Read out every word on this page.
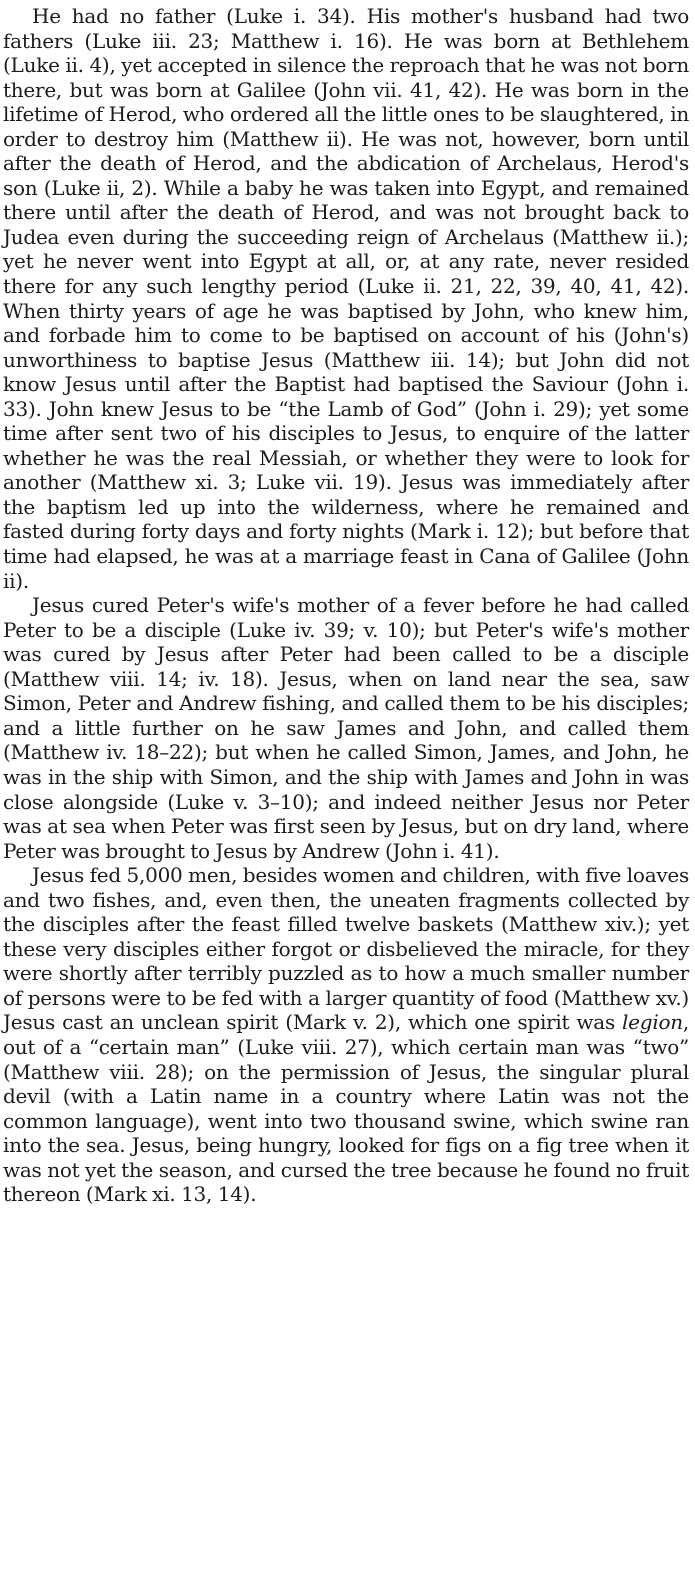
He had no father (Luke i. 34). His mother's husband had two fathers (Luke iii. 23; Matthew i. 16). He was born at Bethlehem (Luke ii. 4), yet accepted in silence the reproach that he was not born there, but was born at Galilee (John vii. 41, 42). He was born in the lifetime of Herod, who ordered all the little ones to be slaughtered, in order to destroy him (Matthew ii). He was not, however, born until after the death of Herod, and the abdication of Archelaus, Herod's son (Luke ii, 2). While a baby he was taken into Egypt, and remained there until after the death of Herod, and was not brought back to Judea even during the succeeding reign of Archelaus (Matthew ii.); yet he never went into Egypt at all, or, at any rate, never resided there for any such lengthy period (Luke ii. 21, 22, 39, 40, 41, 42). When thirty years of age he was baptised by John, who knew him, and forbade him to come to be baptised on account of his (John's) unworthiness to baptise Jesus (Matthew iii. 14); but John did not know Jesus until after the Baptist had baptised the Saviour (John i. 33). John knew Jesus to be “the Lamb of God” (John i. 29); yet some time after sent two of his disciples to Jesus, to enquire of the latter whether he was the real Messiah, or whether they were to look for another (Matthew xi. 3; Luke vii. 19). Jesus was immediately after the baptism led up into the wilderness, where he remained and fasted during forty days and forty nights (Mark i. 12); but before that time had elapsed, he was at a marriage feast in Cana of Galilee (John ii).

Jesus cured Peter's wife's mother of a fever before he had called Peter to be a disciple (Luke iv. 39; v. 10); but Peter's wife's mother was cured by Jesus after Peter had been called to be a disciple (Matthew viii. 14; iv. 18). Jesus, when on land near the sea, saw Simon, Peter and Andrew fishing, and called them to be his disciples; and a little further on he saw James and John, and called them (Matthew iv. 18–22); but when he called Simon, James, and John, he was in the ship with Simon, and the ship with James and John in was close alongside (Luke v. 3–10); and indeed neither Jesus nor Peter was at sea when Peter was first seen by Jesus, but on dry land, where Peter was brought to Jesus by Andrew (John i. 41).

Jesus fed 5,000 men, besides women and children, with five loaves and two fishes, and, even then, the uneaten fragments collected by the disciples after the feast filled twelve baskets (Matthew xiv.); yet these very disciples either forgot or disbelieved the miracle, for they were shortly after terribly puzzled as to how a much smaller number of persons were to be fed with a larger quantity of food (Matthew xv.) Jesus cast an unclean spirit (Mark v. 2), which one spirit was legion, out of a “certain man” (Luke viii. 27), which certain man was “two” (Matthew viii. 28); on the permission of Jesus, the singular plural devil (with a Latin name in a country where Latin was not the common language), went into two thousand swine, which swine ran into the sea. Jesus, being hungry, looked for figs on a fig tree when it was not yet the season, and cursed the tree because he found no fruit thereon (Mark xi. 13, 14).
